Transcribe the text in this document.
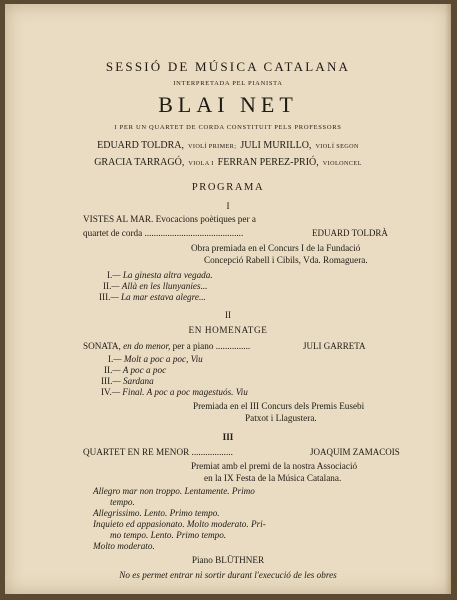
SESSIÓ DE MÚSICA CATALANA
INTERPRETADA PEL PIANISTA
BLAI NET
I PER UN QUARTET DE CORDA CONSTITUIT PELS PROFESSORS
EDUARD TOLDRA, VIOLÍ PRIMER; JULI MURILLO, VIOLÍ SEGON
GRACIA TARRAGÓ, VIOLA I FERRAN PEREZ-PRIÓ, VIOLONCEL
PROGRAMA
I
VISTES AL MAR. Evocacions poètiques per a
quartet de corda ...........................................	EDUARD TOLDRÀ
Obra premiada en el Concurs I de la Fundació
Concepció Rabell i Cibils, Vda. Romaguera.
I.— La ginesta altra vegada.
II.— Allà en les llunyanies...
III.— La mar estava alegre...
II
EN HOMENATGE
SONATA, en do menor, per a piano ...............	JULI GARRETA
I.— Molt a poc a poc, Viu
II.— A poc a poc
III.— Sardana
IV.— Final. A poc a poc magestuós. Viu
Premiada en el III Concurs dels Premis Eusebi
Patxot i Llagustera.
III
QUARTET EN RE MENOR ..................	JOAQUIM ZAMACOIS
Premiat amb el premi de la nostra Associació
en la IX Festa de la Música Catalana.
Allegro mar non troppo. Lentamente. Primo
tempo.
Allegrissimo. Lento. Primo tempo.
Inquieto ed appasionato. Molto moderato. Pri-
mo tempo. Lento. Primo tempo.
Molto moderato.
Piano BLÜTHNER
No es permet entrar ni sortir durant l'execució de les obres
